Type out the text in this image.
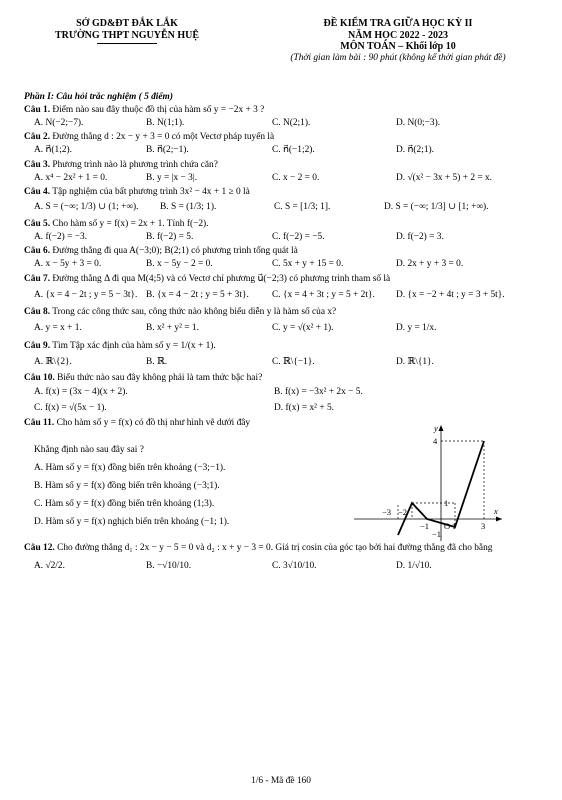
SỞ GD&ĐT ĐẮK LẮK
TRƯỜNG THPT NGUYỄN HUỆ
ĐỀ KIỂM TRA GIỮA HỌC KỲ II
NĂM HỌC 2022 - 2023
MÔN TOÁN – Khối lớp 10
(Thời gian làm bài : 90 phút (không kể thời gian phát đề)
Phần I: Câu hỏi trắc nghiệm ( 5 điểm)
Câu 1. Điểm nào sau đây thuộc đồ thị của hàm số y = −2x + 3 ?
A. N(−2;−7).	B. N(1;1).	C. N(2;1).	D. N(0;−3).
Câu 2. Đường thẳng d : 2x − y + 3 = 0 có một Vectơ pháp tuyến là
A. n⃗(1;2).	B. n⃗(2;−1).	C. n⃗(−1;2).	D. n⃗(2;1).
Câu 3. Phương trình nào là phương trình chứa căn?
A. x⁴ − 2x² + 1 = 0.	B. y = |x − 3|.	C. x − 2 = 0.	D. √(x² − 3x + 5) + 2 = x.
Câu 4. Tập nghiệm của bất phương trình 3x² − 4x + 1 ≥ 0 là
A. S = (−∞; 1/3) ∪ (1; +∞).	B. S = (1/3; 1).	C. S = [1/3; 1].	D. S = (−∞; 1/3] ∪ [1; +∞).
Câu 5. Cho hàm số y = f(x) = 2x + 1. Tính f(−2).
A. f(−2) = −3.	B. f(−2) = 5.	C. f(−2) = −5.	D. f(−2) = 3.
Câu 6. Đường thẳng đi qua A(−3;0); B(2;1) có phương trình tổng quát là
A. x − 5y + 3 = 0.	B. x − 5y − 2 = 0.	C. 5x + y + 15 = 0.	D. 2x + y + 3 = 0.
Câu 7. Đường thẳng Δ đi qua M(4;5) và có Vectơ chỉ phương u⃗(−2;3) có phương trình tham số là
A. {x = 4 − 2t ; y = 5 − 3t}. B. {x = 4 − 2t ; y = 5 + 3t}.	C. {x = 4 + 3t ; y = 5 + 2t}.	D. {x = −2 + 4t ; y = 3 + 5t}.
Câu 8. Trong các công thức sau, công thức nào không biểu diễn y là hàm số của x?
A. y = x + 1.	B. x² + y² = 1.	C. y = √(x² + 1).	D. y = 1/x.
Câu 9. Tìm Tập xác định của hàm số y = 1/(x + 1).
A. ℝ\{2}.	B. ℝ.	C. ℝ\{−1}.	D. ℝ\{1}.
Câu 10. Biểu thức nào sau đây không phải là tam thức bậc hai?
A. f(x) = (3x − 4)(x + 2).	B. f(x) = −3x² + 2x − 5.
C. f(x) = √(5x − 1).	D. f(x) = x² + 5.
Câu 11. Cho hàm số y = f(x) có đồ thị như hình vẽ dưới đây
Khẳng định nào sau đây sai ?
A. Hàm số y = f(x) đồng biến trên khoảng (−3;−1).
B. Hàm số y = f(x) đồng biến trên khoảng (−3;1).
C. Hàm số y = f(x) đồng biến trên khoảng (1;3).
D. Hàm số y = f(x) nghịch biến trên khoảng (−1; 1).
y
x
O
4
−3 −2
−1	1	3
1
−1
Câu 12. Cho đường thẳng d₁ : 2x − y − 5 = 0 và d₂ : x + y − 3 = 0. Giá trị cosin của góc tạo bởi hai đường thẳng đã cho bằng
A. √2/2.	B. −√10/10.	C. 3√10/10.	D. 1/√10.
1/6 - Mã đề 160
